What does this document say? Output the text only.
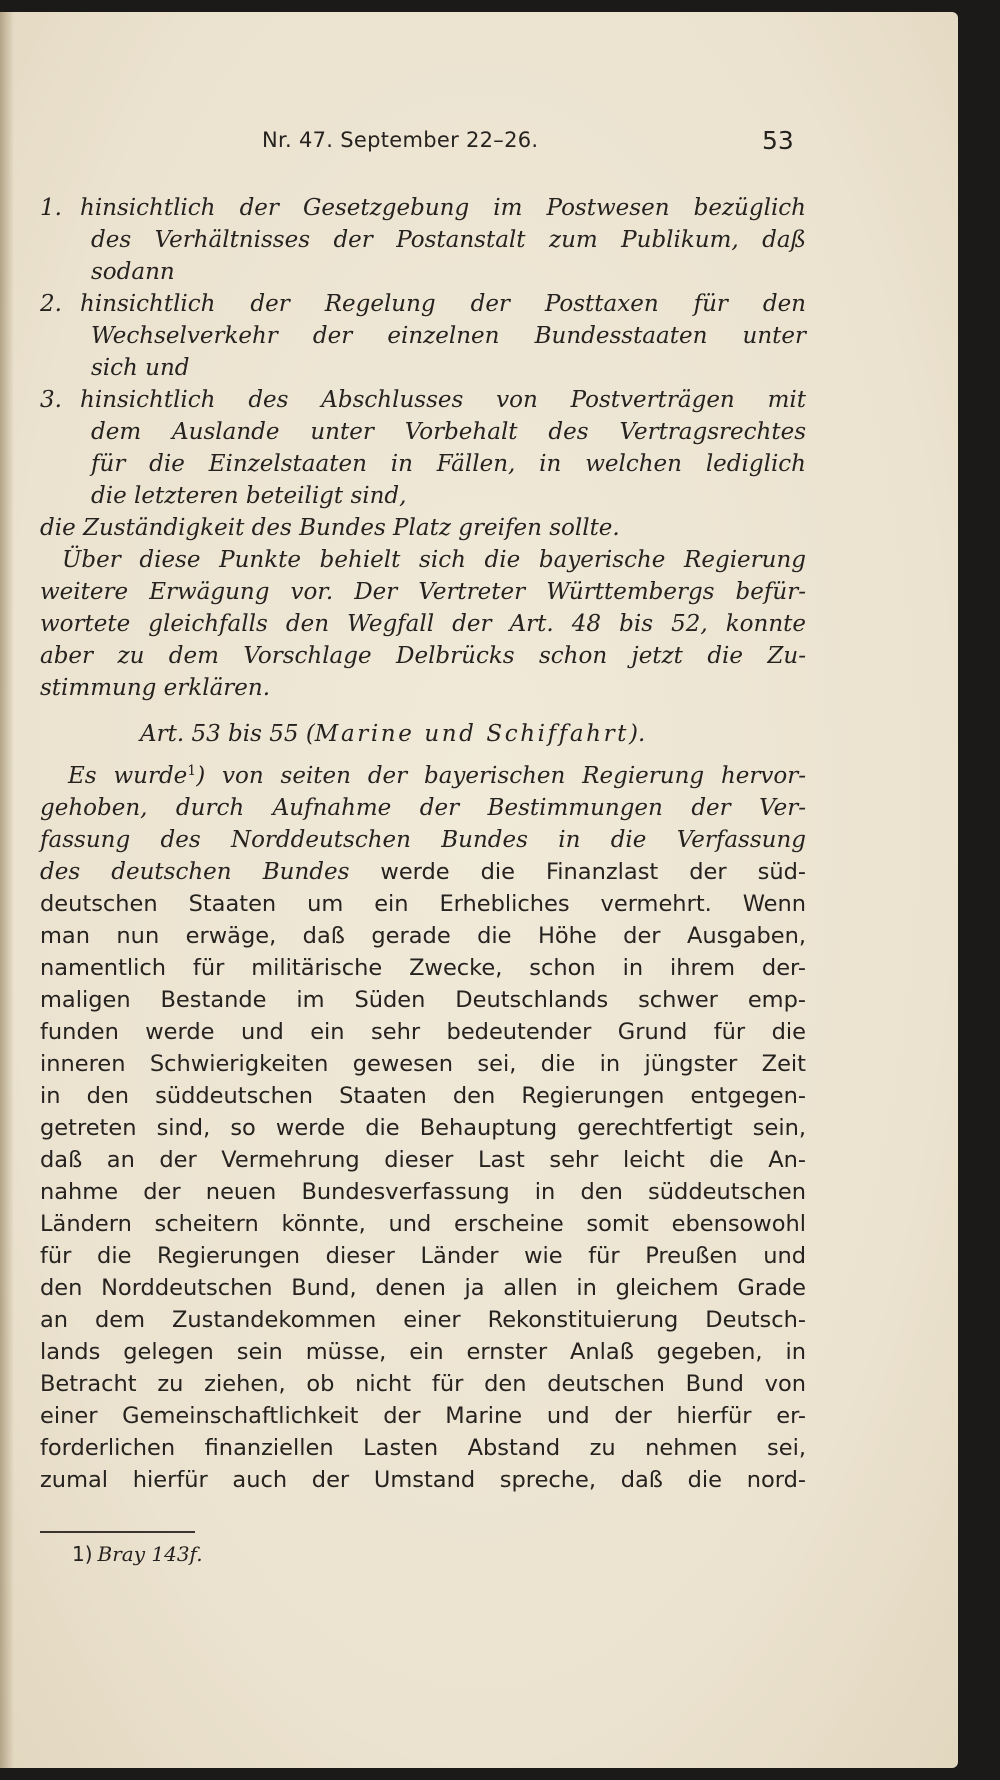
Nr. 47. September 22–26.	53
1. hinsichtlich der Gesetzgebung im Postwesen bezüglich
des Verhältnisses der Postanstalt zum Publikum, daß
sodann
2. hinsichtlich der Regelung der Posttaxen für den
Wechselverkehr der einzelnen Bundesstaaten unter
sich und
3. hinsichtlich des Abschlusses von Postverträgen mit
dem Auslande unter Vorbehalt des Vertragsrechtes
für die Einzelstaaten in Fällen, in welchen lediglich
die letzteren beteiligt sind,
die Zuständigkeit des Bundes Platz greifen sollte.
Über diese Punkte behielt sich die bayerische Regierung
weitere Erwägung vor. Der Vertreter Württembergs befür-
wortete gleichfalls den Wegfall der Art. 48 bis 52, konnte
aber zu dem Vorschlage Delbrücks schon jetzt die Zu-
stimmung erklären.
Art. 53 bis 55 (Marine und Schiffahrt).
Es wurde$^1$) von seiten der bayerischen Regierung hervor-
gehoben, durch Aufnahme der Bestimmungen der Ver-
fassung des Norddeutschen Bundes in die Verfassung
des deutschen Bundes werde die Finanzlast der süd-
deutschen Staaten um ein Erhebliches vermehrt. Wenn
man nun erwäge, daß gerade die Höhe der Ausgaben,
namentlich für militärische Zwecke, schon in ihrem der-
maligen Bestande im Süden Deutschlands schwer emp-
funden werde und ein sehr bedeutender Grund für die
inneren Schwierigkeiten gewesen sei, die in jüngster Zeit
in den süddeutschen Staaten den Regierungen entgegen-
getreten sind, so werde die Behauptung gerechtfertigt sein,
daß an der Vermehrung dieser Last sehr leicht die An-
nahme der neuen Bundesverfassung in den süddeutschen
Ländern scheitern könnte, und erscheine somit ebensowohl
für die Regierungen dieser Länder wie für Preußen und
den Norddeutschen Bund, denen ja allen in gleichem Grade
an dem Zustandekommen einer Rekonstituierung Deutsch-
lands gelegen sein müsse, ein ernster Anlaß gegeben, in
Betracht zu ziehen, ob nicht für den deutschen Bund von
einer Gemeinschaftlichkeit der Marine und der hierfür er-
forderlichen finanziellen Lasten Abstand zu nehmen sei,
zumal hierfür auch der Umstand spreche, daß die nord-
1) Bray 143f.
